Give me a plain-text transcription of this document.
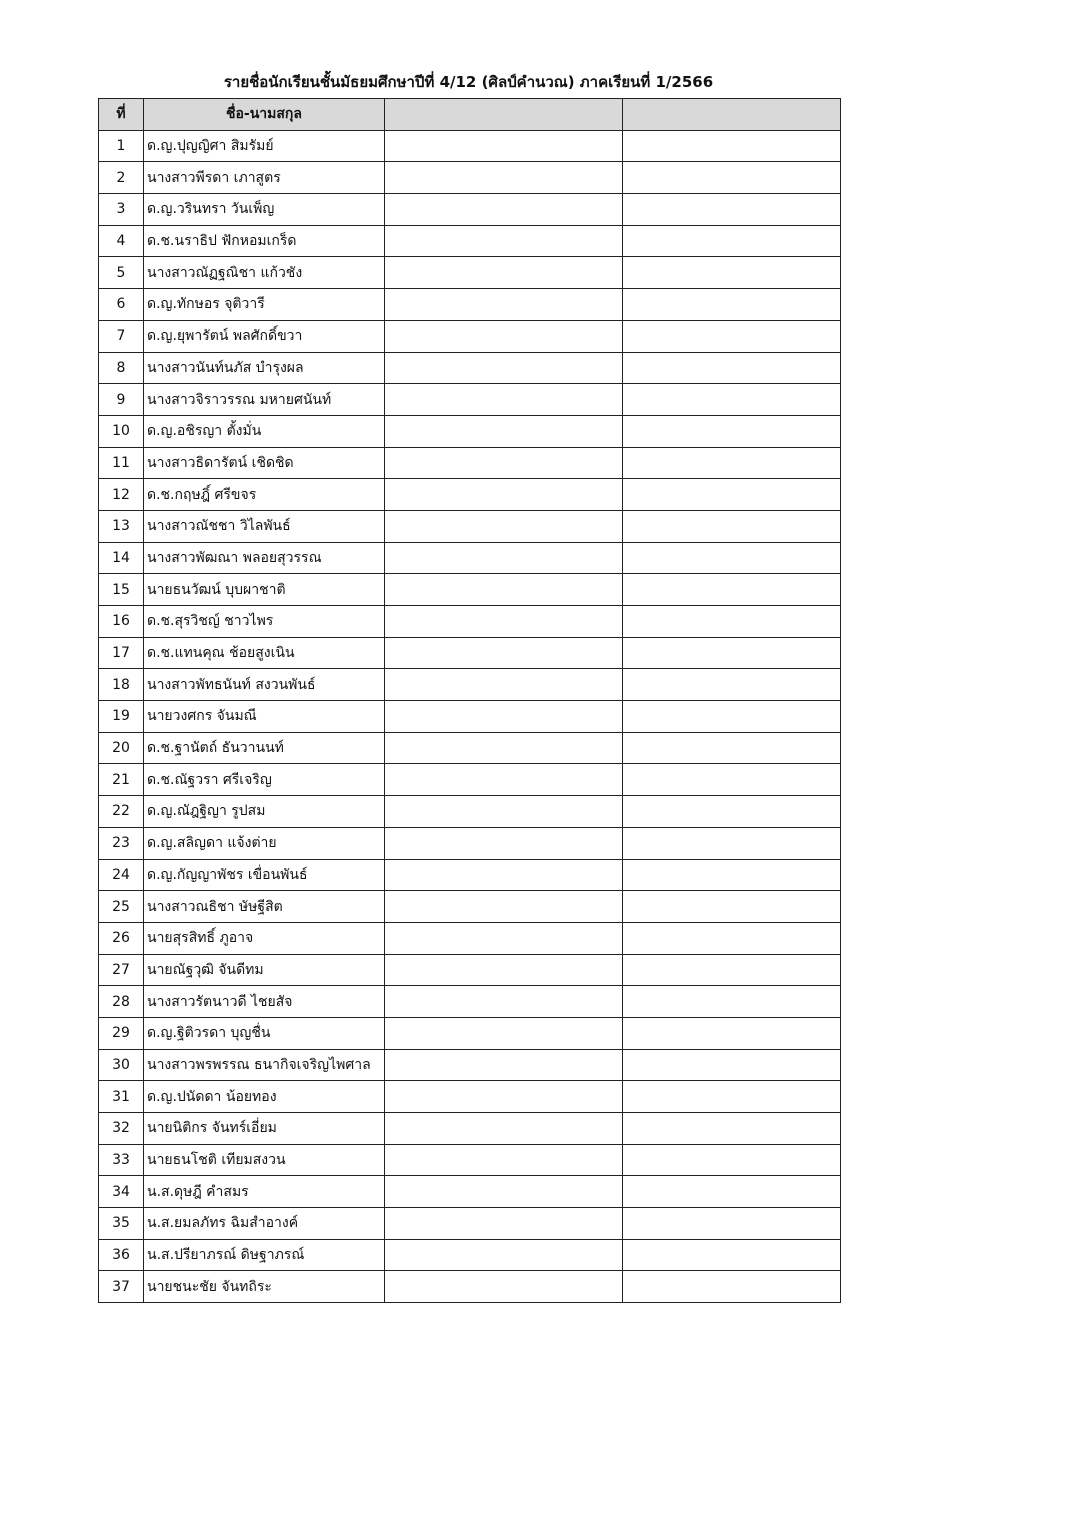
รายชื่อนักเรียนชั้นมัธยมศึกษาปีที่ 4/12 (ศิลป์คำนวณ) ภาคเรียนที่ 1/2566
ที่	ชื่อ-นามสกุล		
1	ด.ญ.ปุญญิศา สิมรัมย์		
2	นางสาวพีรดา เภาสูตร		
3	ด.ญ.วรินทรา วันเพ็ญ		
4	ด.ช.นราธิป ฟักหอมเกร็ด		
5	นางสาวณัฏฐณิชา แก้วชัง		
6	ด.ญ.ทักษอร จุติวารี		
7	ด.ญ.ยุพารัตน์ พลศักดิ์ขวา		
8	นางสาวนันท์นภัส บำรุงผล		
9	นางสาวจิราวรรณ มหายศนันท์		
10	ด.ญ.อชิรญา ตั้งมั่น		
11	นางสาวธิดารัตน์ เชิดชิด		
12	ด.ช.กฤษฎิ์ ศรีขจร		
13	นางสาวณัชชา วิไลพันธ์		
14	นางสาวพัฒณา พลอยสุวรรณ		
15	นายธนวัฒน์ บุบผาชาติ		
16	ด.ช.สุรวิชญ์ ชาวไพร		
17	ด.ช.แทนคุณ ช้อยสูงเนิน		
18	นางสาวพัทธนันท์ สงวนพันธ์		
19	นายวงศกร จันมณี		
20	ด.ช.ฐานัตถ์ ธันวานนท์		
21	ด.ช.ณัฐวรา ศรีเจริญ		
22	ด.ญ.ณัฎฐิญา รูปสม		
23	ด.ญ.สลิญดา แจ้งต่าย		
24	ด.ญ.กัญญาพัชร เขื่อนพันธ์		
25	นางสาวณธิชา ษัษฐีสิต		
26	นายสุรสิทธิ์ ภูอาจ		
27	นายณัฐวุฒิ จันดีทม		
28	นางสาวรัตนาวดี ไชยสัจ		
29	ด.ญ.ฐิติวรดา บุญชื่น		
30	นางสาวพรพรรณ ธนากิจเจริญไพศาล		
31	ด.ญ.ปนัดดา น้อยทอง		
32	นายนิติกร จันทร์เอี่ยม		
33	นายธนโชติ เทียมสงวน		
34	น.ส.ดุษฎี คำสมร		
35	น.ส.ยมลภัทร ฉิมสำอางค์		
36	น.ส.ปรียาภรณ์ ดิษฐาภรณ์		
37	นายชนะชัย จันทถิระ		
